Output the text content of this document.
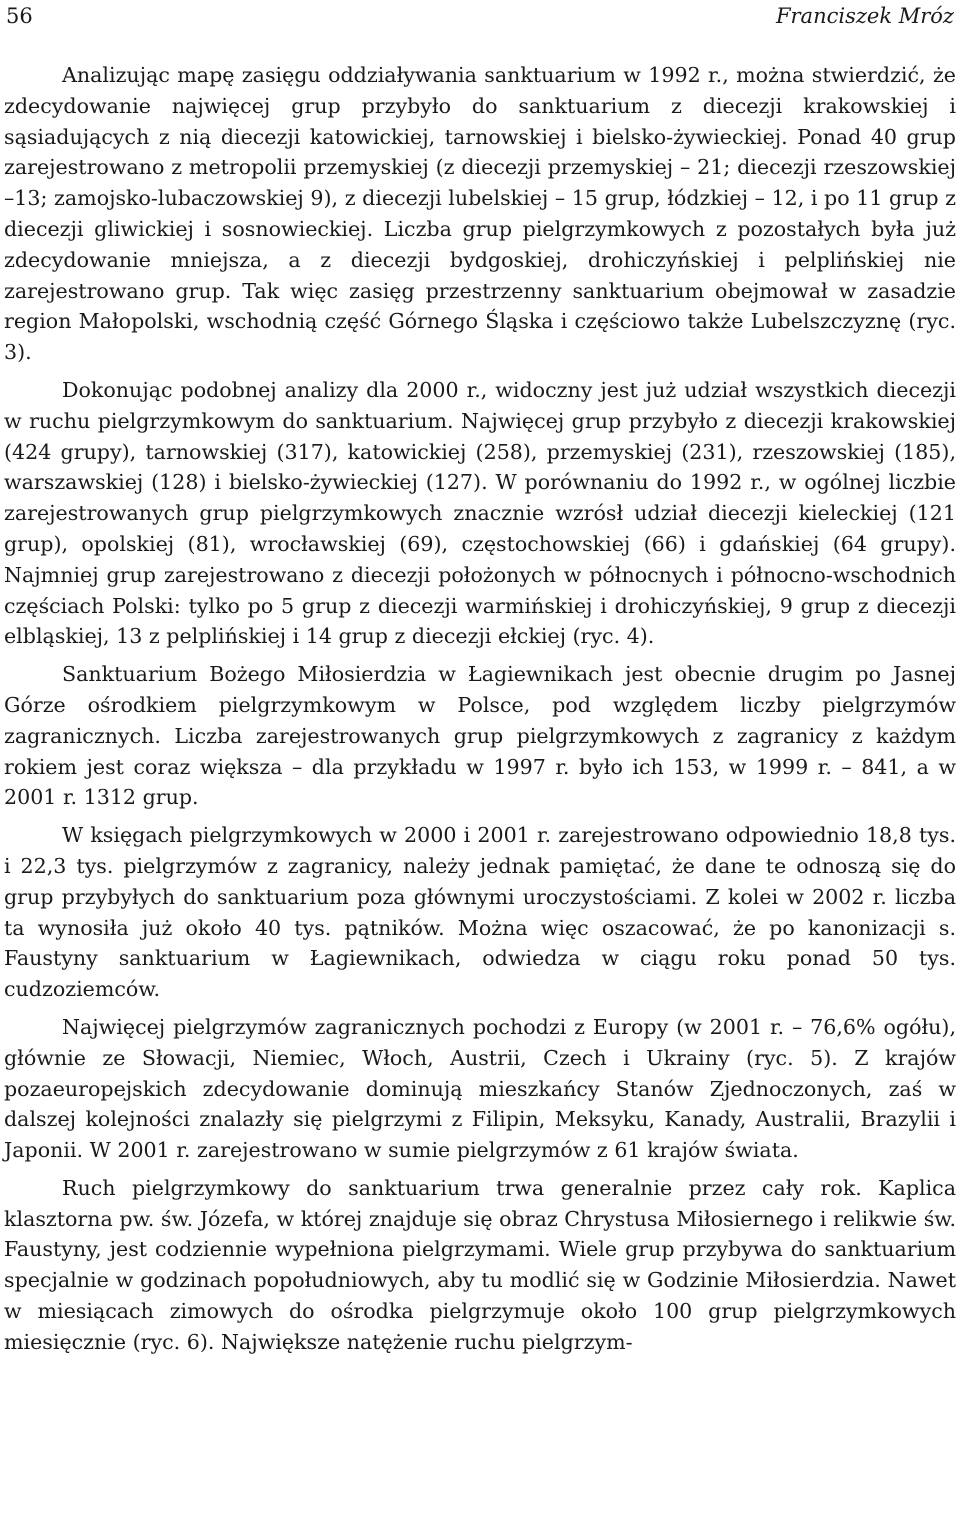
56	Franciszek Mróz

Analizując mapę zasięgu oddziaływania sanktuarium w 1992 r., można stwierdzić, że zdecydowanie najwięcej grup przybyło do sanktuarium z diecezji krakowskiej i sąsiadujących z nią diecezji katowickiej, tarnowskiej i bielsko-żywieckiej. Ponad 40 grup zarejestrowano z metropolii przemyskiej (z diecezji przemyskiej – 21; diecezji rzeszowskiej –13; zamojsko-lubaczowskiej 9), z diecezji lubelskiej – 15 grup, łódzkiej – 12, i po 11 grup z diecezji gliwickiej i sosnowieckiej. Liczba grup pielgrzymkowych z pozostałych była już zdecydowanie mniejsza, a z diecezji bydgoskiej, drohiczyńskiej i pelplińskiej nie zarejestrowano grup. Tak więc zasięg przestrzenny sanktuarium obejmował w zasadzie region Małopolski, wschodnią część Górnego Śląska i częściowo także Lubelszczyznę (ryc. 3).

Dokonując podobnej analizy dla 2000 r., widoczny jest już udział wszystkich diecezji w ruchu pielgrzymkowym do sanktuarium. Najwięcej grup przybyło z diecezji krakowskiej (424 grupy), tarnowskiej (317), katowickiej (258), przemyskiej (231), rzeszowskiej (185), warszawskiej (128) i bielsko-żywieckiej (127). W porównaniu do 1992 r., w ogólnej liczbie zarejestrowanych grup pielgrzymkowych znacznie wzrósł udział diecezji kieleckiej (121 grup), opolskiej (81), wrocławskiej (69), częstochowskiej (66) i gdańskiej (64 grupy). Najmniej grup zarejestrowano z diecezji położonych w północnych i północno-wschodnich częściach Polski: tylko po 5 grup z diecezji warmińskiej i drohiczyńskiej, 9 grup z diecezji elbląskiej, 13 z pelplińskiej i 14 grup z diecezji ełckiej (ryc. 4).

Sanktuarium Bożego Miłosierdzia w Łagiewnikach jest obecnie drugim po Jasnej Górze ośrodkiem pielgrzymkowym w Polsce, pod względem liczby pielgrzymów zagranicznych. Liczba zarejestrowanych grup pielgrzymkowych z zagranicy z każdym rokiem jest coraz większa – dla przykładu w 1997 r. było ich 153, w 1999 r. – 841, a w 2001 r. 1312 grup.

W księgach pielgrzymkowych w 2000 i 2001 r. zarejestrowano odpowiednio 18,8 tys. i 22,3 tys. pielgrzymów z zagranicy, należy jednak pamiętać, że dane te odnoszą się do grup przybyłych do sanktuarium poza głównymi uroczystościami. Z kolei w 2002 r. liczba ta wynosiła już około 40 tys. pątników. Można więc oszacować, że po kanonizacji s. Faustyny sanktuarium w Łagiewnikach, odwiedza w ciągu roku ponad 50 tys. cudzoziemców.

Najwięcej pielgrzymów zagranicznych pochodzi z Europy (w 2001 r. – 76,6% ogółu), głównie ze Słowacji, Niemiec, Włoch, Austrii, Czech i Ukrainy (ryc. 5). Z krajów pozaeuropejskich zdecydowanie dominują mieszkańcy Stanów Zjednoczonych, zaś w dalszej kolejności znalazły się pielgrzymi z Filipin, Meksyku, Kanady, Australii, Brazylii i Japonii. W 2001 r. zarejestrowano w sumie pielgrzymów z 61 krajów świata.

Ruch pielgrzymkowy do sanktuarium trwa generalnie przez cały rok. Kaplica klasztorna pw. św. Józefa, w której znajduje się obraz Chrystusa Miłosiernego i relikwie św. Faustyny, jest codziennie wypełniona pielgrzymami. Wiele grup przybywa do sanktuarium specjalnie w godzinach popołudniowych, aby tu modlić się w Godzinie Miłosierdzia. Nawet w miesiącach zimowych do ośrodka pielgrzymuje około 100 grup pielgrzymkowych miesięcznie (ryc. 6). Największe natężenie ruchu pielgrzym-
